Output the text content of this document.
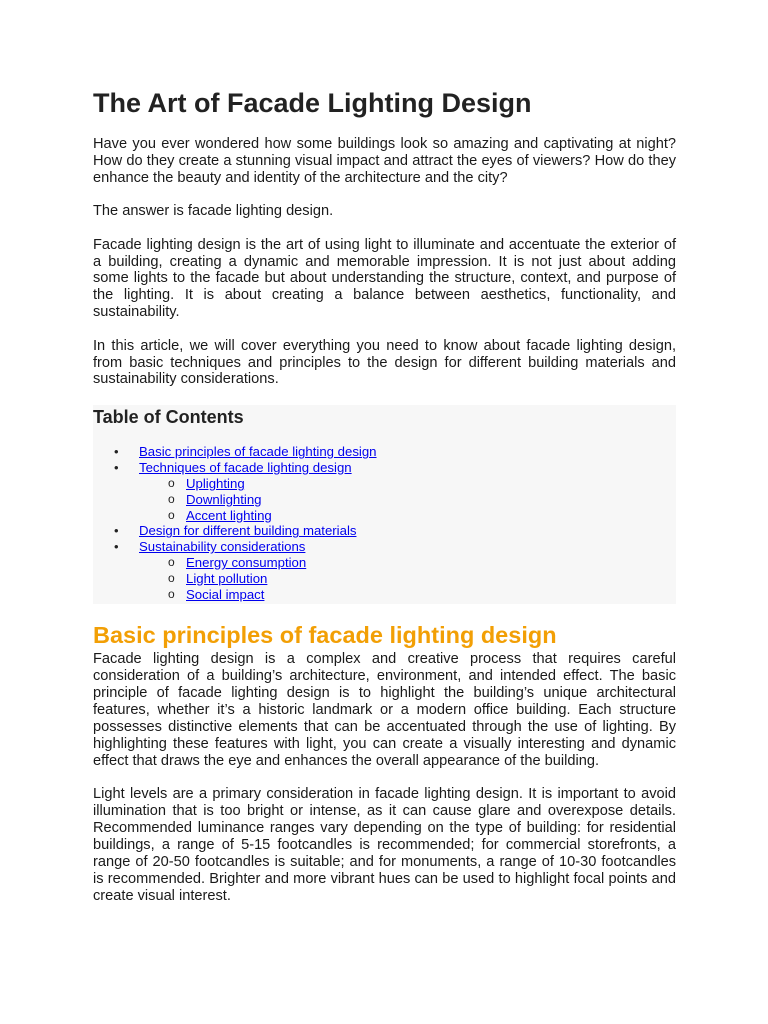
The Art of Facade Lighting Design

Have you ever wondered how some buildings look so amazing and captivating at night? How do they create a stunning visual impact and attract the eyes of viewers? How do they enhance the beauty and identity of the architecture and the city?

The answer is facade lighting design.

Facade lighting design is the art of using light to illuminate and accentuate the exterior of a building, creating a dynamic and memorable impression. It is not just about adding some lights to the facade but about understanding the structure, context, and purpose of the lighting. It is about creating a balance between aesthetics, functionality, and sustainability.

In this article, we will cover everything you need to know about facade lighting design, from basic techniques and principles to the design for different building materials and sustainability considerations.

Table of Contents
• Basic principles of facade lighting design
• Techniques of facade lighting design
o Uplighting
o Downlighting
o Accent lighting
• Design for different building materials
• Sustainability considerations
o Energy consumption
o Light pollution
o Social impact
Basic principles of facade lighting design

Facade lighting design is a complex and creative process that requires careful consideration of a building’s architecture, environment, and intended effect. The basic principle of facade lighting design is to highlight the building’s unique architectural features, whether it’s a historic landmark or a modern office building. Each structure possesses distinctive elements that can be accentuated through the use of lighting. By highlighting these features with light, you can create a visually interesting and dynamic effect that draws the eye and enhances the overall appearance of the building.

Light levels are a primary consideration in facade lighting design. It is important to avoid illumination that is too bright or intense, as it can cause glare and overexpose details. Recommended luminance ranges vary depending on the type of building: for residential buildings, a range of 5-15 footcandles is recommended; for commercial storefronts, a range of 20-50 footcandles is suitable; and for monuments, a range of 10-30 footcandles is recommended. Brighter and more vibrant hues can be used to highlight focal points and create visual interest.
